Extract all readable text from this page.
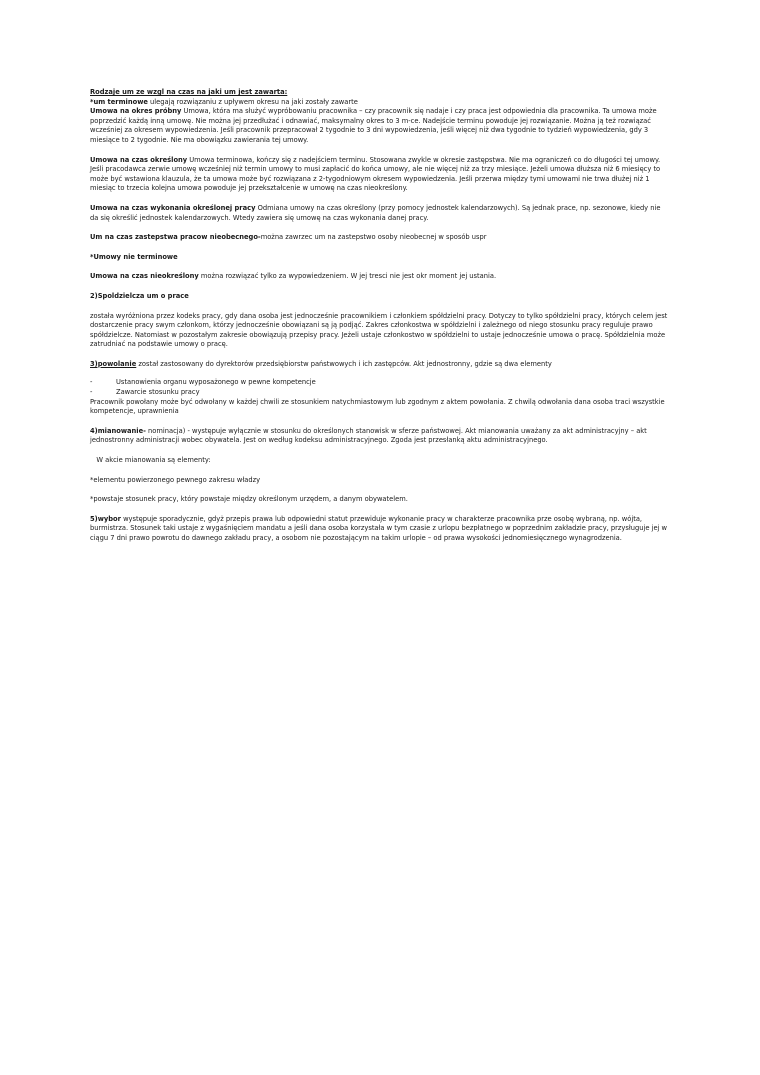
Rodzaje um ze wzgl na czas na jaki um jest zawarta:

*um terminowe ulegają rozwiązaniu z upływem okresu na jaki zostały zawarte

Umowa na okres próbny Umowa, która ma służyć wypróbowaniu pracownika – czy pracownik się nadaje i czy praca jest odpowiednia dla pracownika. Ta umowa może poprzedzić każdą inną umowę. Nie można jej przedłużać i odnawiać, maksymalny okres to 3 m-ce. Nadejście terminu powoduje jej rozwiązanie. Można ją też rozwiązać wcześniej za okresem wypowiedzenia. Jeśli pracownik przepracował 2 tygodnie to 3 dni wypowiedzenia, jeśli więcej niż dwa tygodnie to tydzień wypowiedzenia, gdy 3 miesiące to 2 tygodnie. Nie ma obowiązku zawierania tej umowy.

Umowa na czas określony Umowa terminowa, kończy się z nadejściem terminu. Stosowana zwykle w okresie zastępstwa. Nie ma ograniczeń co do długości tej umowy. Jeśli pracodawca zerwie umowę wcześniej niż termin umowy to musi zapłacić do końca umowy, ale nie więcej niż za trzy miesiące. Jeżeli umowa dłuższa niż 6 miesięcy to może być wstawiona klauzula, że ta umowa może być rozwiązana z 2-tygodniowym okresem wypowiedzenia. Jeśli przerwa między tymi umowami nie trwa dłużej niż 1 miesiąc to trzecia kolejna umowa powoduje jej przekształcenie w umowę na czas nieokreślony.

Umowa na czas wykonania określonej pracy Odmiana umowy na czas określony (przy pomocy jednostek kalendarzowych). Są jednak prace, np. sezonowe, kiedy nie da się określić jednostek kalendarzowych. Wtedy zawiera się umowę na czas wykonania danej pracy.

Um na czas zastepstwa pracow nieobecnego-można zawrzec um na zastepstwo osoby nieobecnej w sposób uspr

*Umowy nie terminowe

Umowa na czas nieokreślony można rozwiązać tylko za wypowiedzeniem. W jej tresci nie jest okr moment jej ustania.

2)Spoldzielcza um o prace

została wyróżniona przez kodeks pracy, gdy dana osoba jest jednocześnie pracownikiem i członkiem spółdzielni pracy. Dotyczy to tylko spółdzielni pracy, których celem jest dostarczenie pracy swym członkom, którzy jednocześnie obowiązani są ją podjąć. Zakres członkostwa w spółdzielni i zależnego od niego stosunku pracy reguluje prawo spółdzielcze. Natomiast w pozostałym zakresie obowiązują przepisy pracy. Jeżeli ustaje członkostwo w spółdzielni to ustaje jednocześnie umowa o pracę. Spółdzielnia może zatrudniać na podstawie umowy o pracę.

3)powolanie został zastosowany do dyrektorów przedsiębiorstw państwowych i ich zastępców. Akt jednostronny, gdzie są dwa elementy

-	Ustanowienia organu wyposażonego w pewne kompetencje
-	Zawarcie stosunku pracy

Pracownik powołany może być odwołany w każdej chwili ze stosunkiem natychmiastowym lub zgodnym z aktem powołania. Z chwilą odwołania dana osoba traci wszystkie kompetencje, uprawnienia

4)mianowanie- nominacja) - występuje wyłącznie w stosunku do określonych stanowisk w sferze państwowej. Akt mianowania uważany za akt administracyjny – akt jednostronny administracji wobec obywatela. Jest on według kodeksu administracyjnego. Zgoda jest przesłanką aktu administracyjnego.

W akcie mianowania są elementy:

*elementu powierzonego pewnego zakresu władzy

*powstaje stosunek pracy, który powstaje między określonym urzędem, a danym obywatelem.

5)wybor występuje sporadycznie, gdyż przepis prawa lub odpowiedni statut przewiduje wykonanie pracy w charakterze pracownika prze osobę wybraną, np. wójta, burmistrza. Stosunek taki ustaje z wygaśnięciem mandatu a jeśli dana osoba korzystała w tym czasie z urlopu bezpłatnego w poprzednim zakładzie pracy, przysługuje jej w ciągu 7 dni prawo powrotu do dawnego zakładu pracy, a osobom nie pozostającym na takim urlopie – od prawa wysokości jednomiesięcznego wynagrodzenia.
